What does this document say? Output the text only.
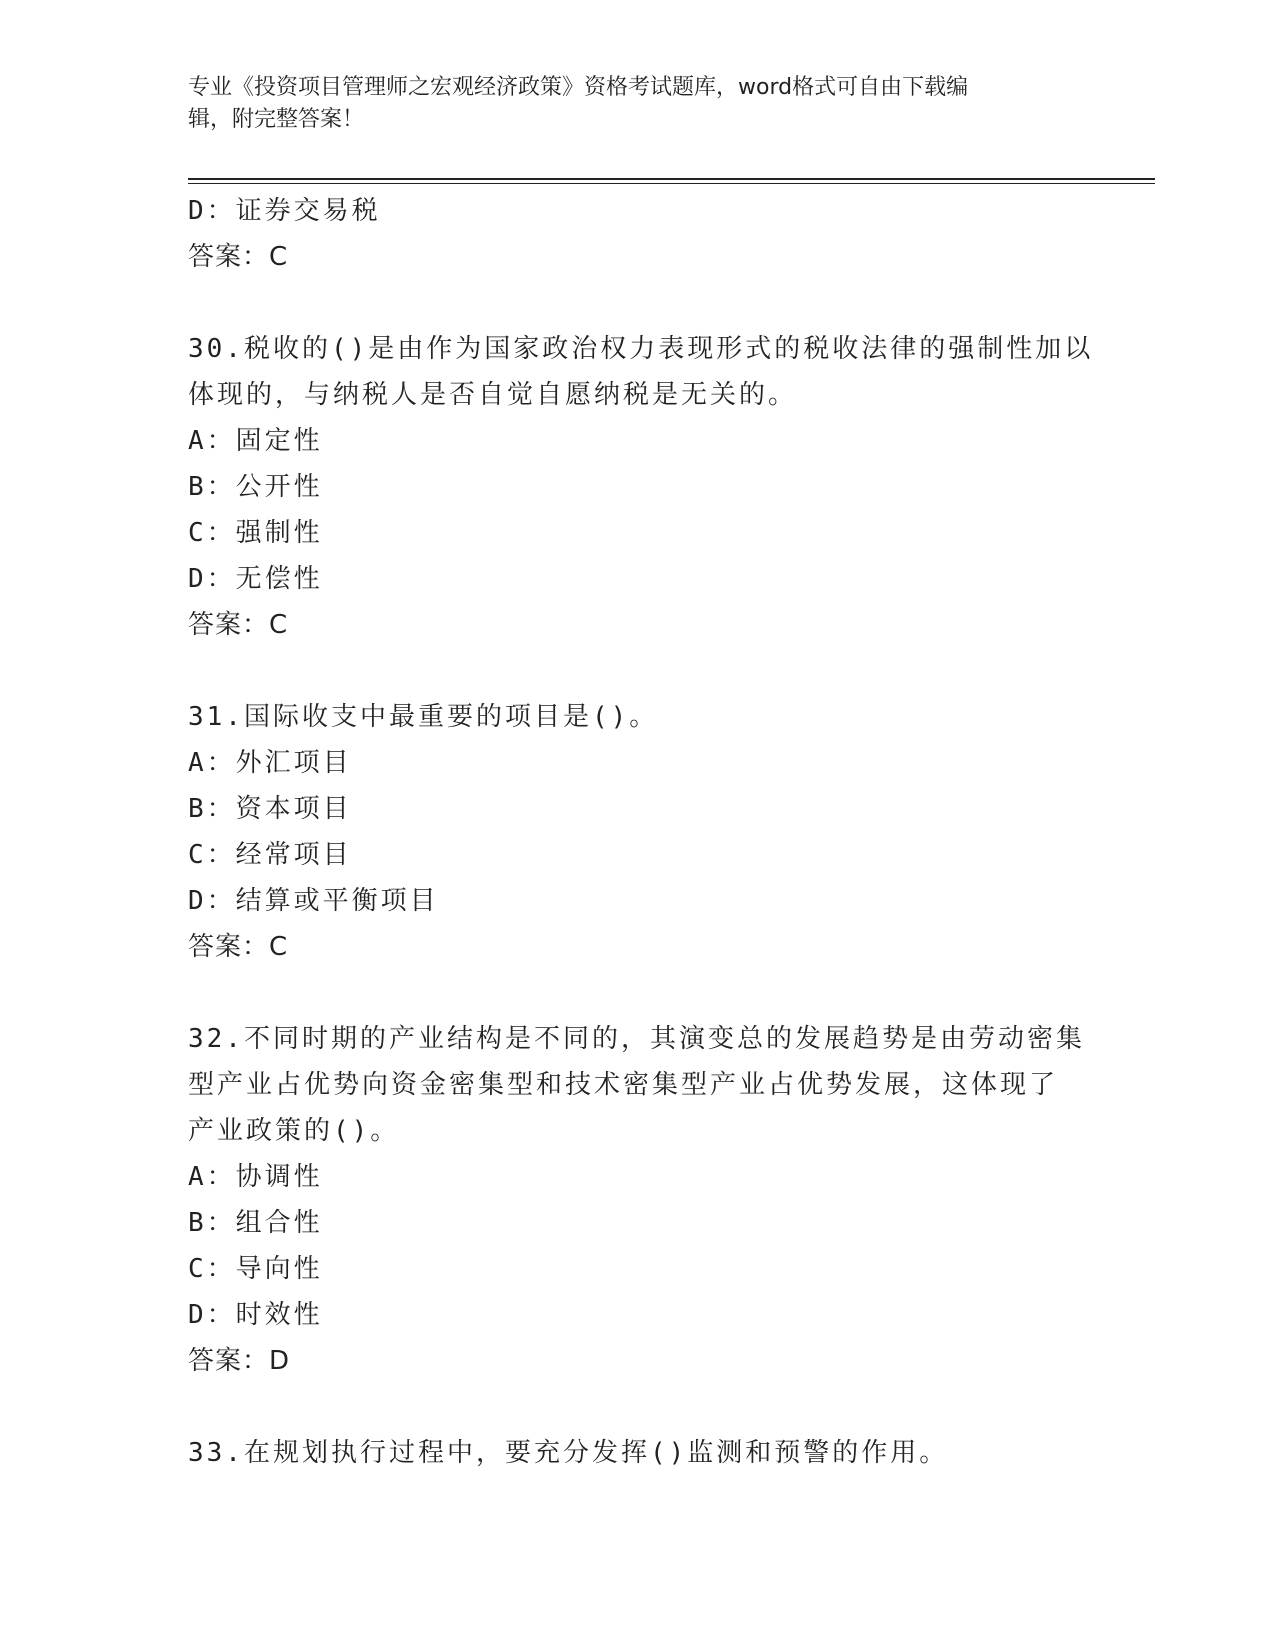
专业《投资项目管理师之宏观经济政策》资格考试题库，word格式可自由下载编
辑，附完整答案！
D：证券交易税
答案：C
30.税收的()是由作为国家政治权力表现形式的税收法律的强制性加以
体现的，与纳税人是否自觉自愿纳税是无关的。
A：固定性
B：公开性
C：强制性
D：无偿性
答案：C
31.国际收支中最重要的项目是()。
A：外汇项目
B：资本项目
C：经常项目
D：结算或平衡项目
答案：C
32.不同时期的产业结构是不同的，其演变总的发展趋势是由劳动密集
型产业占优势向资金密集型和技术密集型产业占优势发展，这体现了
产业政策的()。
A：协调性
B：组合性
C：导向性
D：时效性
答案：D
33.在规划执行过程中，要充分发挥()监测和预警的作用。
